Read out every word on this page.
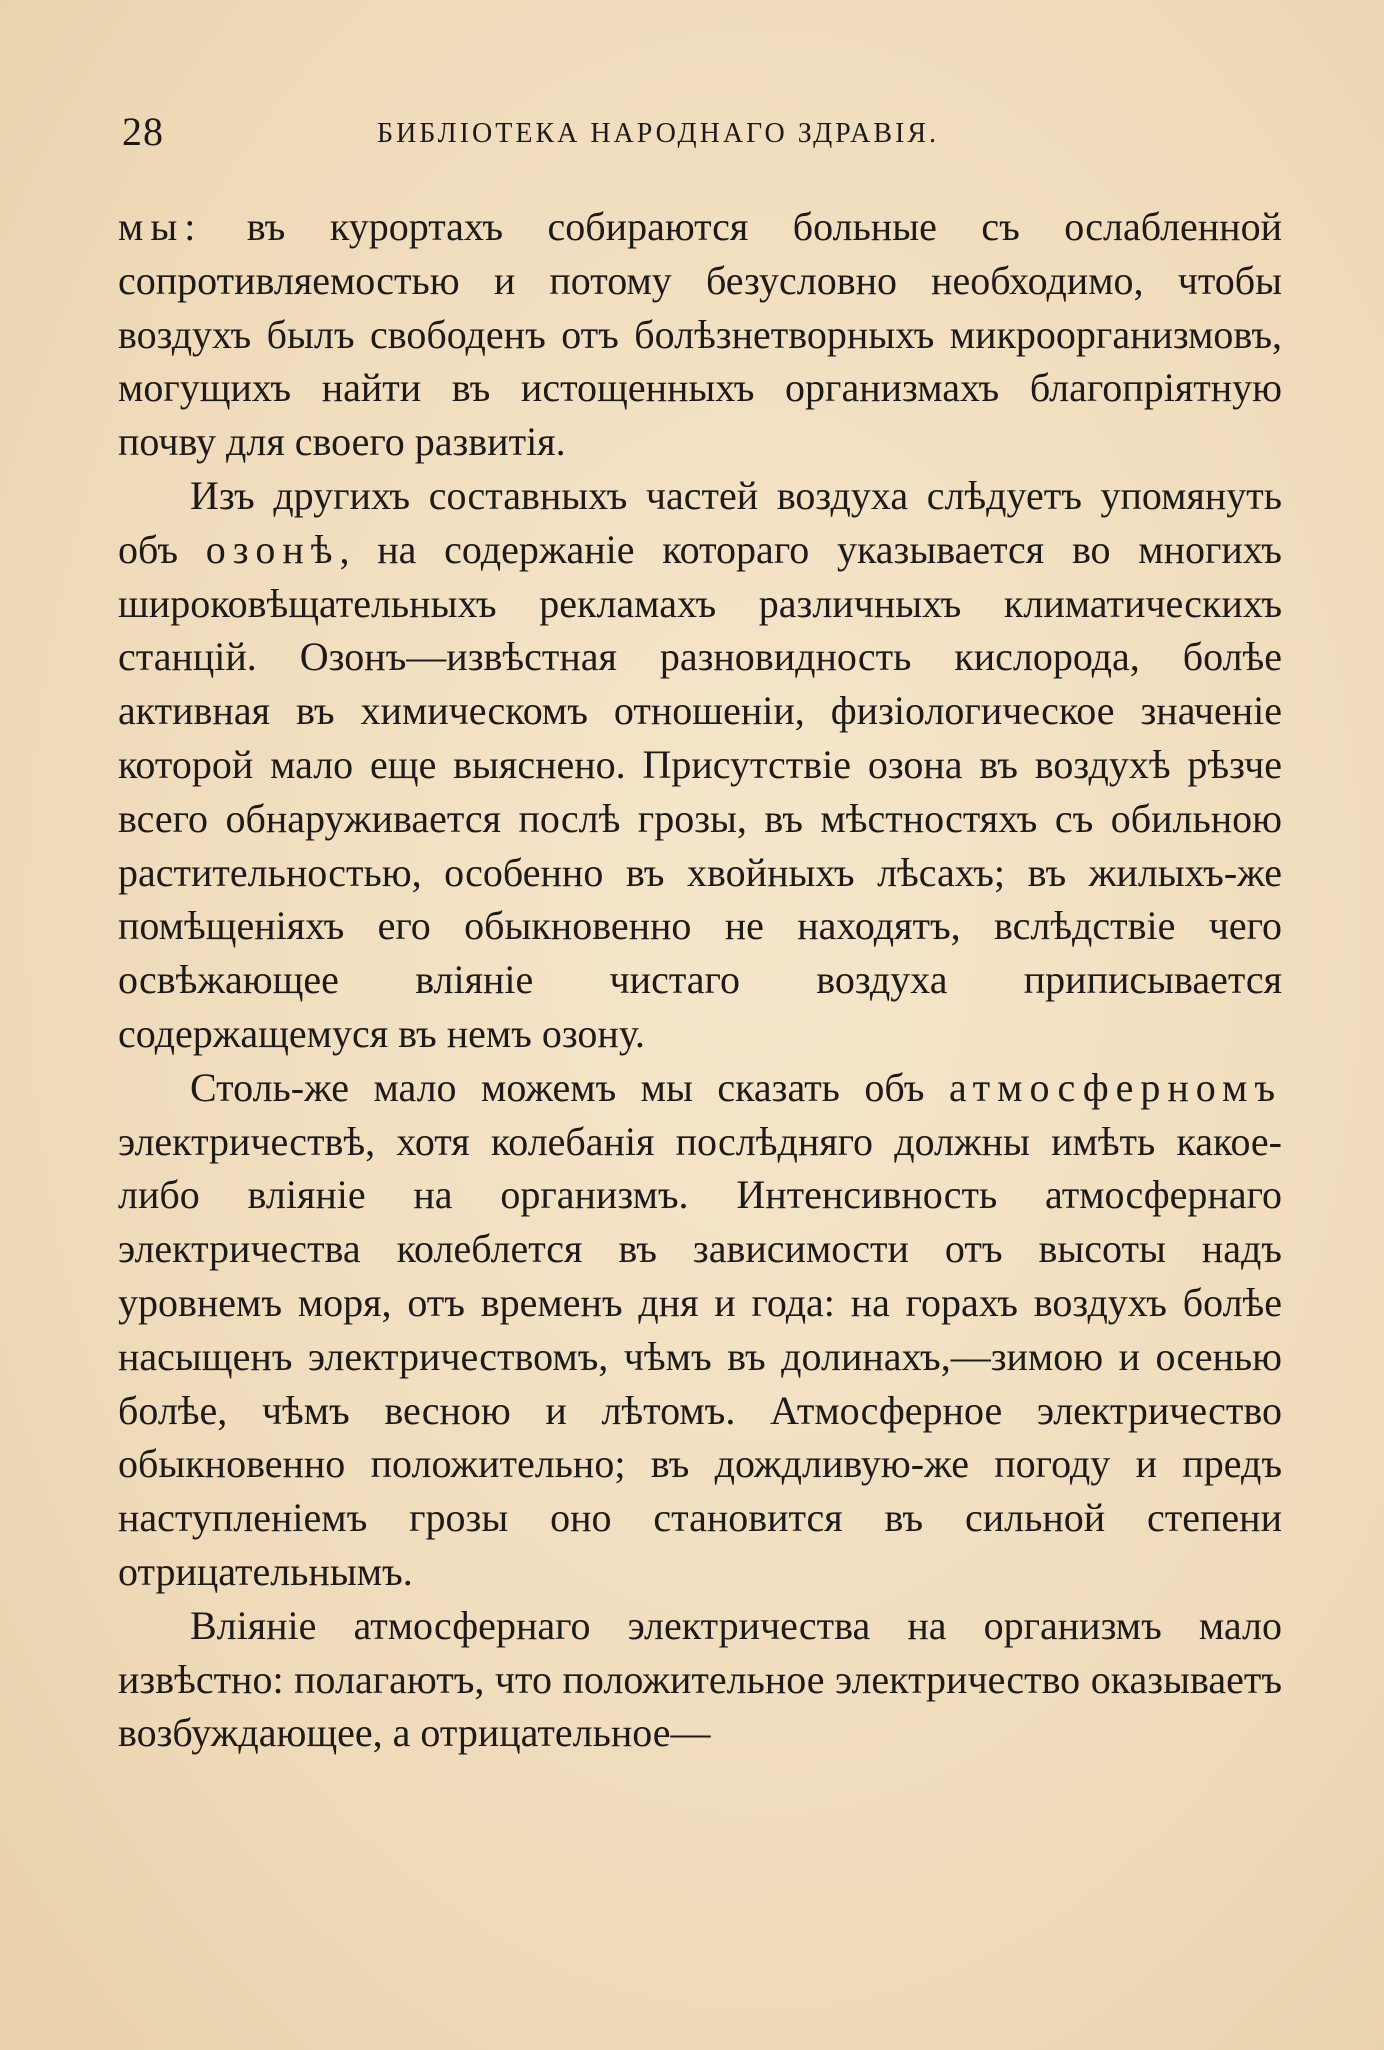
28	БИБЛІОТЕКА НАРОДНАГО ЗДРАВІЯ.

мы: въ курортахъ собираются больные съ ослабленной сопротивляемостью и потому безусловно необходимо, чтобы воздухъ былъ свободенъ отъ болѣзнетворныхъ микроорганизмовъ, могущихъ найти въ истощенныхъ организмахъ благопріятную почву для своего развитія.

Изъ другихъ составныхъ частей воздуха слѣдуетъ упомянуть объ озонѣ, на содержаніе котораго указывается во многихъ широковѣщательныхъ рекламахъ различныхъ климатическихъ станцій. Озонъ—извѣстная разновидность кислорода, болѣе активная въ химическомъ отношеніи, физіологическое значеніе которой мало еще выяснено. Присутствіе озона въ воздухѣ рѣзче всего обнаруживается послѣ грозы, въ мѣстностяхъ съ обильною растительностью, особенно въ хвойныхъ лѣсахъ; въ жилыхъ-же помѣщеніяхъ его обыкновенно не находятъ, вслѣдствіе чего освѣжающее вліяніе чистаго воздуха приписывается содержащемуся въ немъ озону.

Столь-же мало можемъ мы сказать объ атмосферномъ электричествѣ, хотя колебанія послѣдняго должны имѣть какое-либо вліяніе на организмъ. Интенсивность атмосфернаго электричества колеблется въ зависимости отъ высоты надъ уровнемъ моря, отъ временъ дня и года: на горахъ воздухъ болѣе насыщенъ электричествомъ, чѣмъ въ долинахъ,—зимою и осенью болѣе, чѣмъ весною и лѣтомъ. Атмосферное электричество обыкновенно положительно; въ дождливую-же погоду и предъ наступленіемъ грозы оно становится въ сильной степени отрицательнымъ.

Вліяніе атмосфернаго электричества на организмъ мало извѣстно: полагаютъ, что положительное электричество оказываетъ возбуждающее, а отрицательное—
